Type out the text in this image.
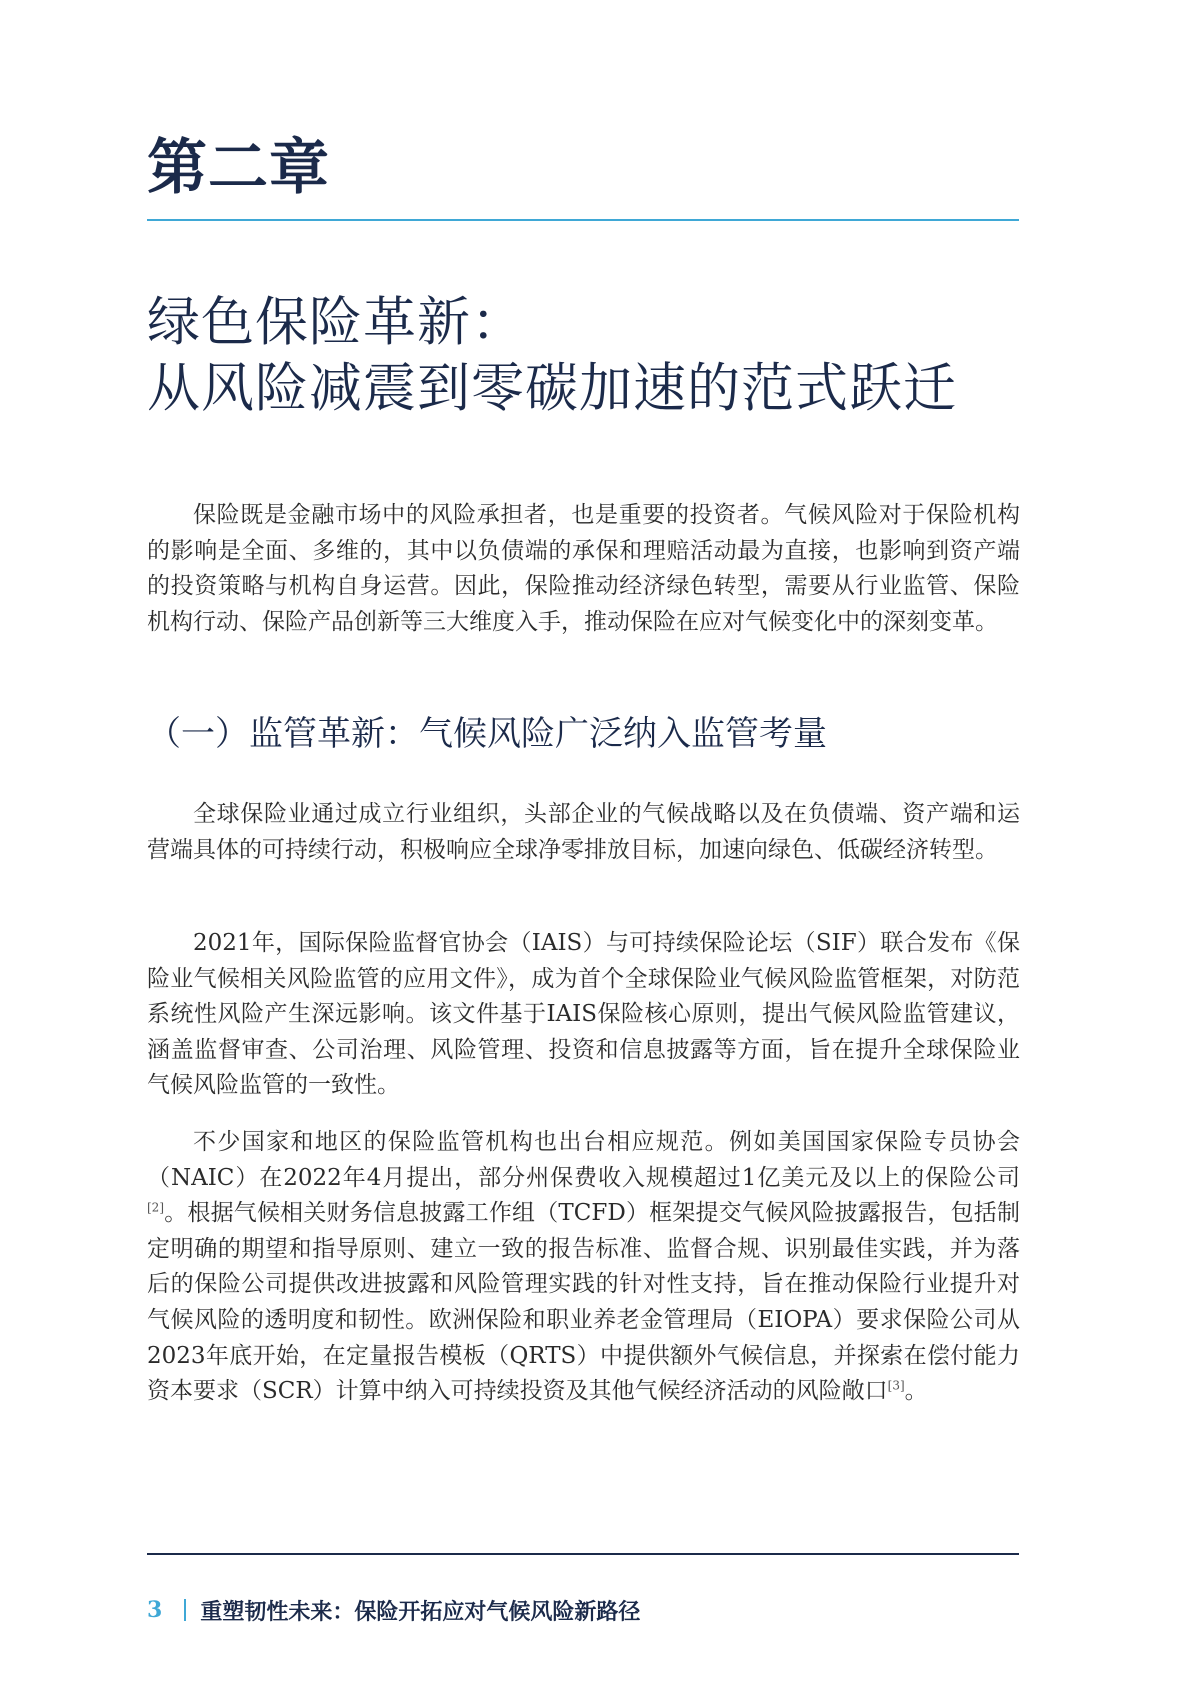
第二章
绿色保险革新：
从风险减震到零碳加速的范式跃迁

保险既是金融市场中的风险承担者，也是重要的投资者。气候风险对于保险机构的影响是全面、多维的，其中以负债端的承保和理赔活动最为直接，也影响到资产端的投资策略与机构自身运营。因此，保险推动经济绿色转型，需要从行业监管、保险机构行动、保险产品创新等三大维度入手，推动保险在应对气候变化中的深刻变革。

（一）监管革新：气候风险广泛纳入监管考量

全球保险业通过成立行业组织，头部企业的气候战略以及在负债端、资产端和运营端具体的可持续行动，积极响应全球净零排放目标，加速向绿色、低碳经济转型。

2021年，国际保险监督官协会（IAIS）与可持续保险论坛（SIF）联合发布《保险业气候相关风险监管的应用文件》，成为首个全球保险业气候风险监管框架，对防范系统性风险产生深远影响。该文件基于IAIS保险核心原则，提出气候风险监管建议，涵盖监督审查、公司治理、风险管理、投资和信息披露等方面，旨在提升全球保险业气候风险监管的一致性。

不少国家和地区的保险监管机构也出台相应规范。例如美国国家保险专员协会（NAIC）在2022年4月提出，部分州保费收入规模超过1亿美元及以上的保险公司[2]。根据气候相关财务信息披露工作组（TCFD）框架提交气候风险披露报告，包括制定明确的期望和指导原则、建立一致的报告标准、监督合规、识别最佳实践，并为落后的保险公司提供改进披露和风险管理实践的针对性支持，旨在推动保险行业提升对气候风险的透明度和韧性。欧洲保险和职业养老金管理局（EIOPA）要求保险公司从2023年底开始，在定量报告模板（QRTS）中提供额外气候信息，并探索在偿付能力资本要求（SCR）计算中纳入可持续投资及其他气候经济活动的风险敞口[3]。

3 重塑韧性未来：保险开拓应对气候风险新路径
